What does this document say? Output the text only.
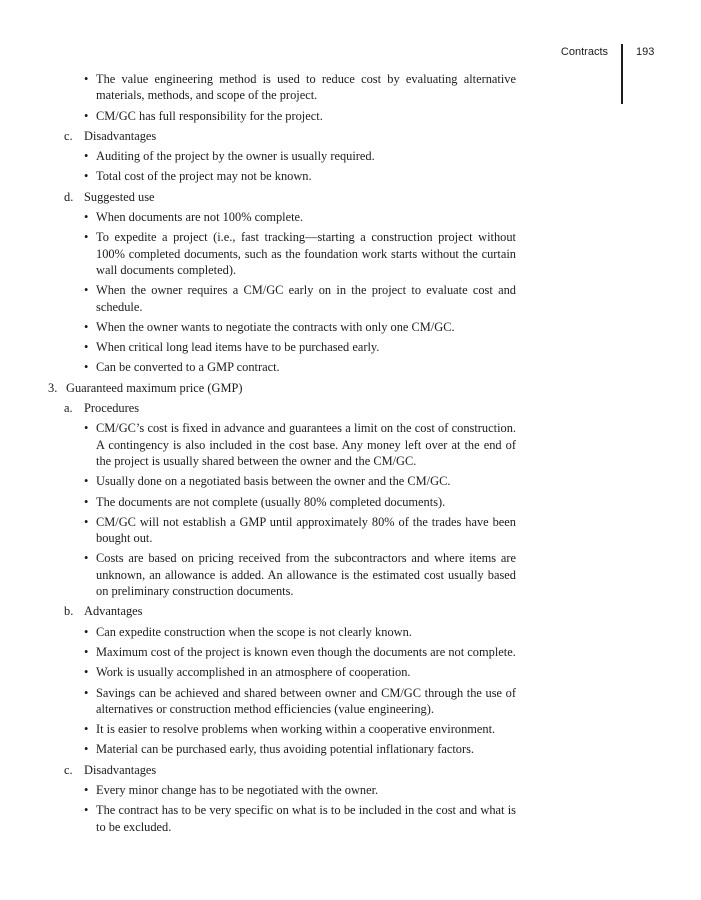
Contracts	193
• The value engineering method is used to reduce cost by evaluating alternative materials, methods, and scope of the project.
• CM/GC has full responsibility for the project.
c. Disadvantages
• Auditing of the project by the owner is usually required.
• Total cost of the project may not be known.
d. Suggested use
• When documents are not 100% complete.
• To expedite a project (i.e., fast tracking—starting a construction project without 100% completed documents, such as the foundation work starts without the curtain wall documents completed).
• When the owner requires a CM/GC early on in the project to evaluate cost and schedule.
• When the owner wants to negotiate the contracts with only one CM/GC.
• When critical long lead items have to be purchased early.
• Can be converted to a GMP contract.
3. Guaranteed maximum price (GMP)
a. Procedures
• CM/GC’s cost is fixed in advance and guarantees a limit on the cost of construction. A contingency is also included in the cost base. Any money left over at the end of the project is usually shared between the owner and the CM/GC.
• Usually done on a negotiated basis between the owner and the CM/GC.
• The documents are not complete (usually 80% completed documents).
• CM/GC will not establish a GMP until approximately 80% of the trades have been bought out.
• Costs are based on pricing received from the subcontractors and where items are unknown, an allowance is added. An allowance is the estimated cost usually based on preliminary construction documents.
b. Advantages
• Can expedite construction when the scope is not clearly known.
• Maximum cost of the project is known even though the documents are not complete.
• Work is usually accomplished in an atmosphere of cooperation.
• Savings can be achieved and shared between owner and CM/GC through the use of alternatives or construction method efficiencies (value engineering).
• It is easier to resolve problems when working within a cooperative environment.
• Material can be purchased early, thus avoiding potential inflationary factors.
c. Disadvantages
• Every minor change has to be negotiated with the owner.
• The contract has to be very specific on what is to be included in the cost and what is to be excluded.
